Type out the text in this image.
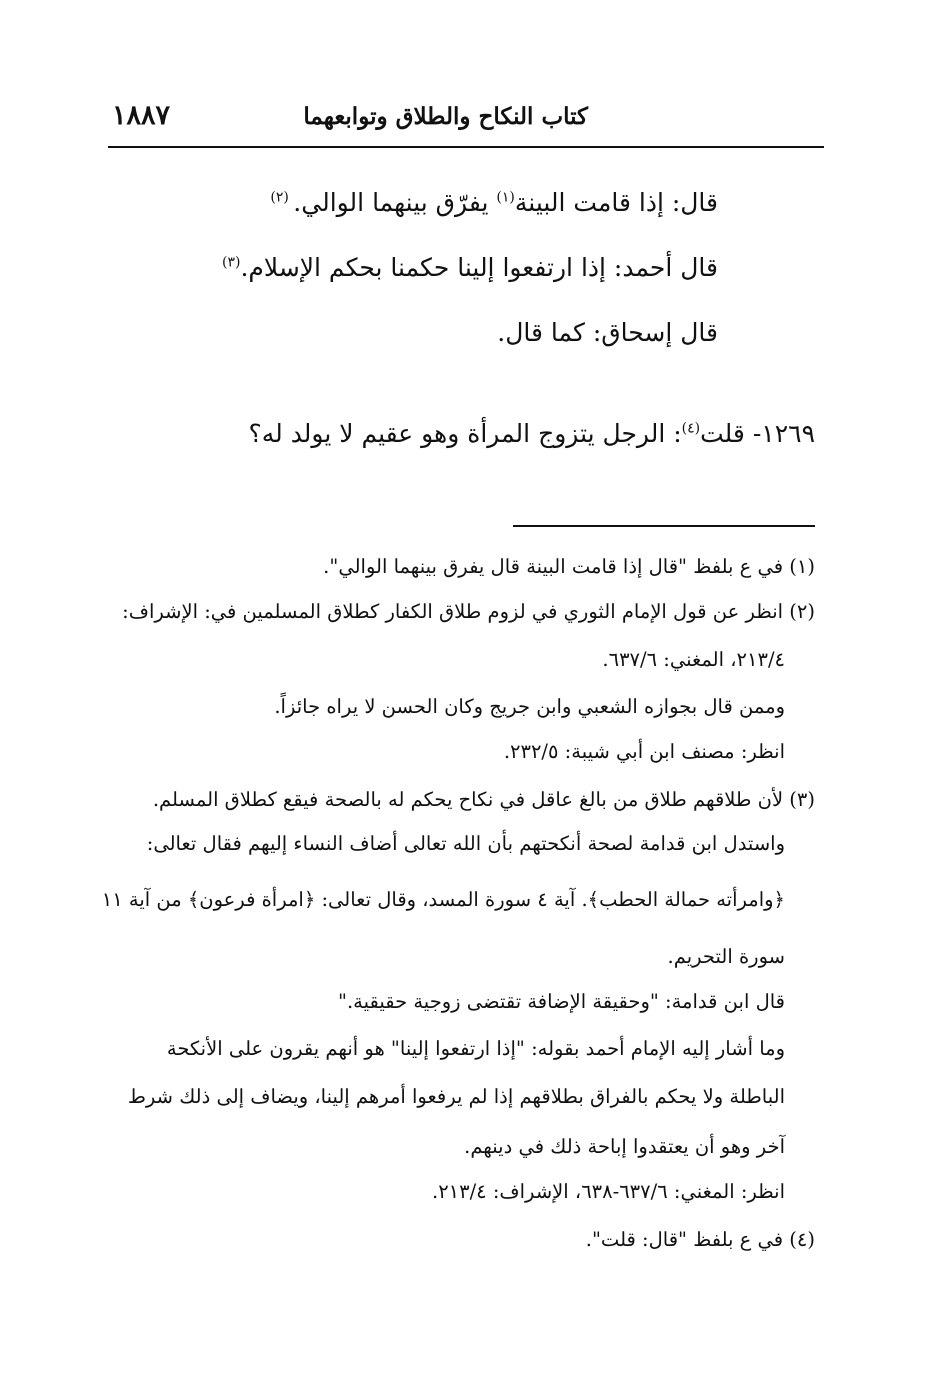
كتاب النكاح والطلاق وتوابعهما
١٨٨٧
قال: إذا قامت البينة$^{(١)}$ يفرّق بينهما الوالي. $^{(٢)}$
قال أحمد: إذا ارتفعوا إلينا حكمنا بحكم الإسلام.$^{(٣)}$
قال إسحاق: كما قال.
١٢٦٩- قلت$^{(٤)}$: الرجل يتزوج المرأة وهو عقيم لا يولد له؟
(١) في ع بلفظ "قال إذا قامت البينة قال يفرق بينهما الوالي".
(٢) انظر عن قول الإمام الثوري في لزوم طلاق الكفار كطلاق المسلمين في: الإشراف:
٢١٣/٤، المغني: ٦٣٧/٦.
وممن قال بجوازه الشعبي وابن جريج وكان الحسن لا يراه جائزاً.
انظر: مصنف ابن أبي شيبة: ٢٣٢/٥.
(٣) لأن طلاقهم طلاق من بالغ عاقل في نكاح يحكم له بالصحة فيقع كطلاق المسلم.
واستدل ابن قدامة لصحة أنكحتهم بأن الله تعالى أضاف النساء إليهم فقال تعالى:
﴿وامرأته حمالة الحطب﴾. آية ٤ سورة المسد، وقال تعالى: ﴿امرأة فرعون﴾ من آية ١١
سورة التحريم.
قال ابن قدامة: "وحقيقة الإضافة تقتضى زوجية حقيقية."
وما أشار إليه الإمام أحمد بقوله: "إذا ارتفعوا إلينا" هو أنهم يقرون على الأنكحة
الباطلة ولا يحكم بالفراق بطلاقهم إذا لم يرفعوا أمرهم إلينا، ويضاف إلى ذلك شرط
آخر وهو أن يعتقدوا إباحة ذلك في دينهم.
انظر: المغني: ٦٣٧/٦-٦٣٨، الإشراف: ٢١٣/٤.
(٤) في ع بلفظ "قال: قلت".
